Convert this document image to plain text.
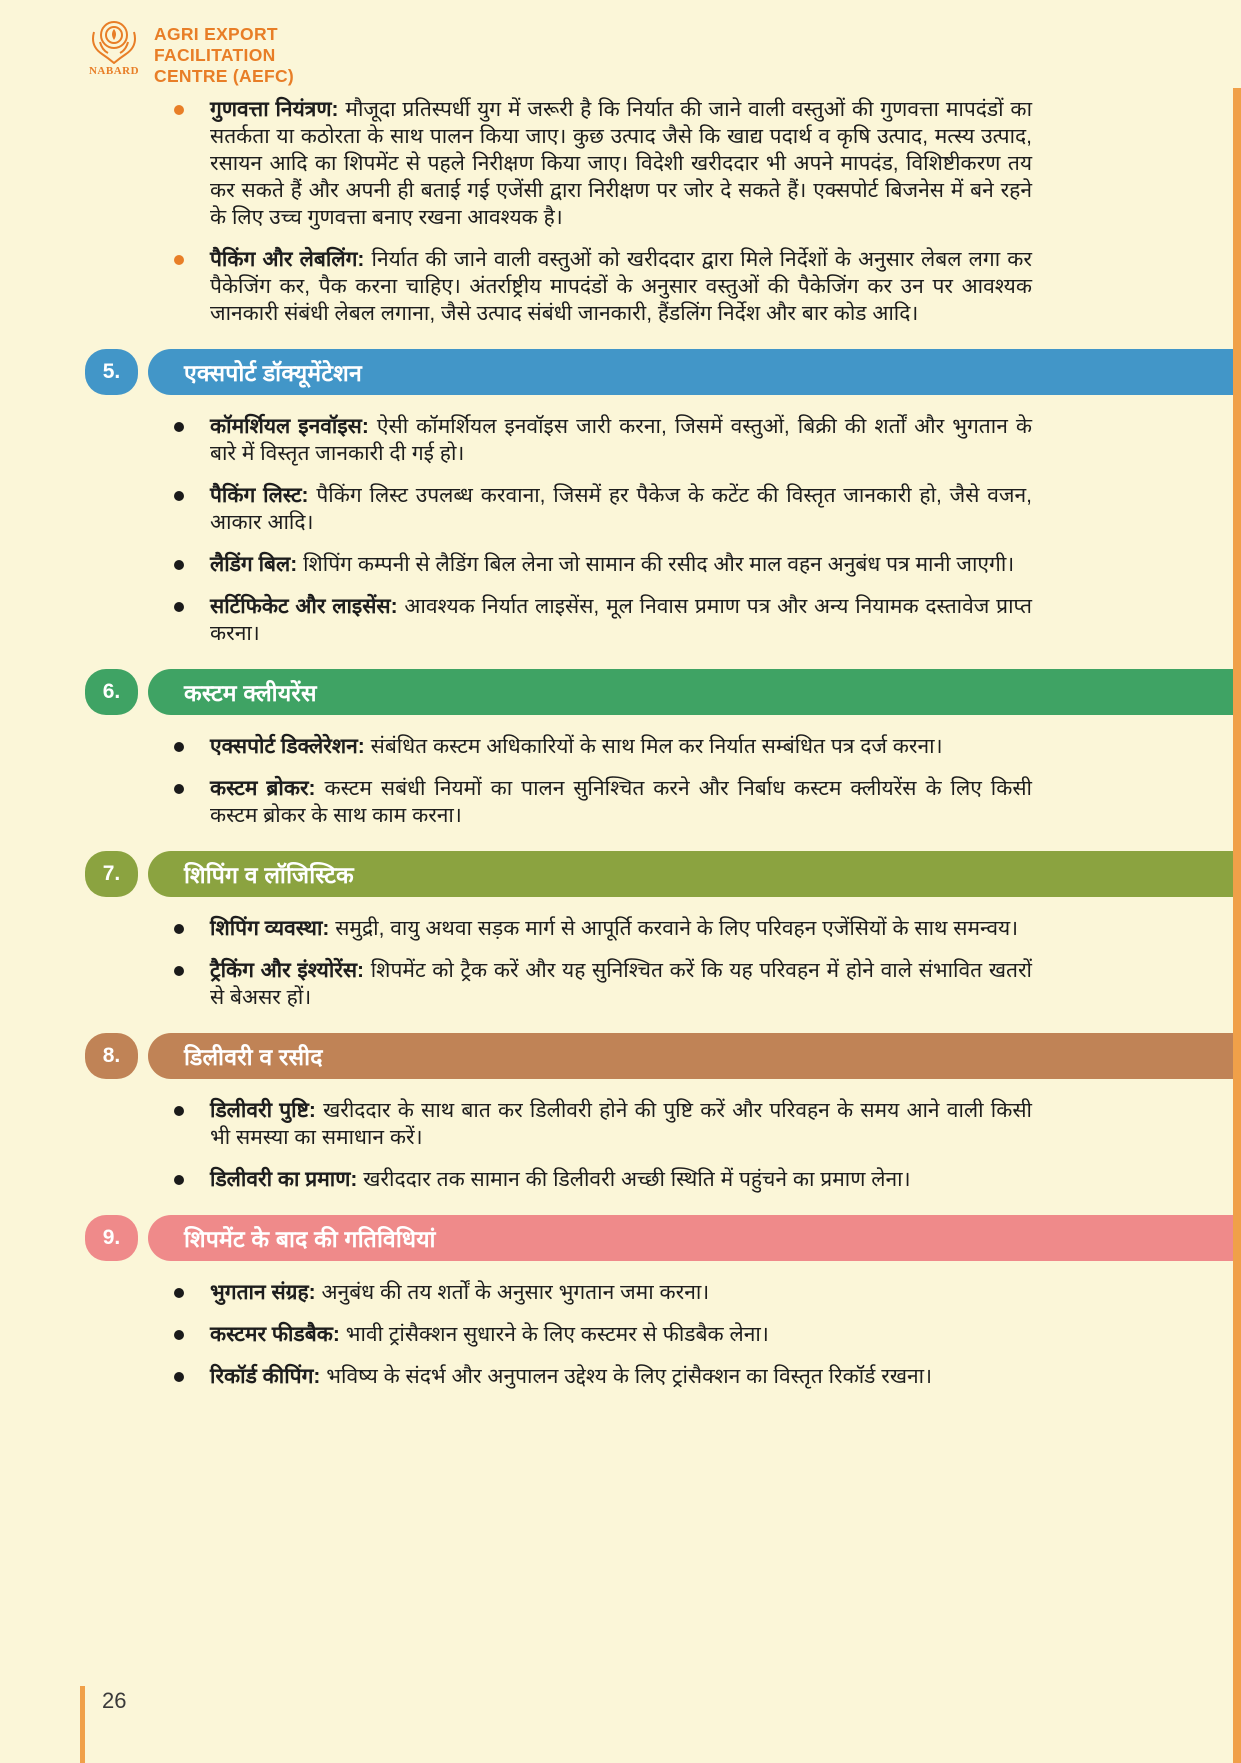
NABARD
AGRI EXPORT
FACILITATION
CENTRE (AEFC)
गुणवत्ता नियंत्रण: मौजूदा प्रतिस्पर्धी युग में जरूरी है कि निर्यात की जाने वाली वस्तुओं की गुणवत्ता मापदंडों का सतर्कता या कठोरता के साथ पालन किया जाए। कुछ उत्पाद जैसे कि खाद्य पदार्थ व कृषि उत्पाद, मत्स्य उत्पाद, रसायन आदि का शिपमेंट से पहले निरीक्षण किया जाए। विदेशी खरीददार भी अपने मापदंड, विशिष्टीकरण तय कर सकते हैं और अपनी ही बताई गई एजेंसी द्वारा निरीक्षण पर जोर दे सकते हैं। एक्सपोर्ट बिजनेस में बने रहने के लिए उच्च गुणवत्ता बनाए रखना आवश्यक है।
पैकिंग और लेबलिंग: निर्यात की जाने वाली वस्तुओं को खरीददार द्वारा मिले निर्देशों के अनुसार लेबल लगा कर पैकेजिंग कर, पैक करना चाहिए। अंतर्राष्ट्रीय मापदंडों के अनुसार वस्तुओं की पैकेजिंग कर उन पर आवश्यक जानकारी संबंधी लेबल लगाना, जैसे उत्पाद संबंधी जानकारी, हैंडलिंग निर्देश और बार कोड आदि।
5.	एक्सपोर्ट डॉक्यूमेंटेशन
कॉमर्शियल इनवॉइस: ऐसी कॉमर्शियल इनवॉइस जारी करना, जिसमें वस्तुओं, बिक्री की शर्तों और भुगतान के बारे में विस्तृत जानकारी दी गई हो।
पैकिंग लिस्ट: पैकिंग लिस्ट उपलब्ध करवाना, जिसमें हर पैकेज के कटेंट की विस्तृत जानकारी हो, जैसे वजन, आकार आदि।
लैडिंग बिल: शिपिंग कम्पनी से लैडिंग बिल लेना जो सामान की रसीद और माल वहन अनुबंध पत्र मानी जाएगी।
सर्टिफिकेट और लाइसेंस: आवश्यक निर्यात लाइसेंस, मूल निवास प्रमाण पत्र और अन्य नियामक दस्तावेज प्राप्त करना।
6.	कस्टम क्लीयरेंस
एक्सपोर्ट डिक्लेरेशन: संबंधित कस्टम अधिकारियों के साथ मिल कर निर्यात सम्बंधित पत्र दर्ज करना।
कस्टम ब्रोकर: कस्टम सबंधी नियमों का पालन सुनिश्चित करने और निर्बाध कस्टम क्लीयरेंस के लिए किसी कस्टम ब्रोकर के साथ काम करना।
7.	शिपिंग व लॉजिस्टिक
शिपिंग व्यवस्था: समुद्री, वायु अथवा सड़क मार्ग से आपूर्ति करवाने के लिए परिवहन एजेंसियों के साथ समन्वय।
ट्रैकिंग और इंश्योरेंस: शिपमेंट को ट्रैक करें और यह सुनिश्चित करें कि यह परिवहन में होने वाले संभावित खतरों से बेअसर हों।
8.	डिलीवरी व रसीद
डिलीवरी पुष्टि: खरीददार के साथ बात कर डिलीवरी होने की पुष्टि करें और परिवहन के समय आने वाली किसी भी समस्या का समाधान करें।
डिलीवरी का प्रमाण: खरीददार तक सामान की डिलीवरी अच्छी स्थिति में पहुंचने का प्रमाण लेना।
9.	शिपमेंट के बाद की गतिविधियां
भुगतान संग्रह: अनुबंध की तय शर्तों के अनुसार भुगतान जमा करना।
कस्टमर फीडबैक: भावी ट्रांसैक्शन सुधारने के लिए कस्टमर से फीडबैक लेना।
रिकॉर्ड कीपिंग: भविष्य के संदर्भ और अनुपालन उद्देश्य के लिए ट्रांसैक्शन का विस्तृत रिकॉर्ड रखना।
26
